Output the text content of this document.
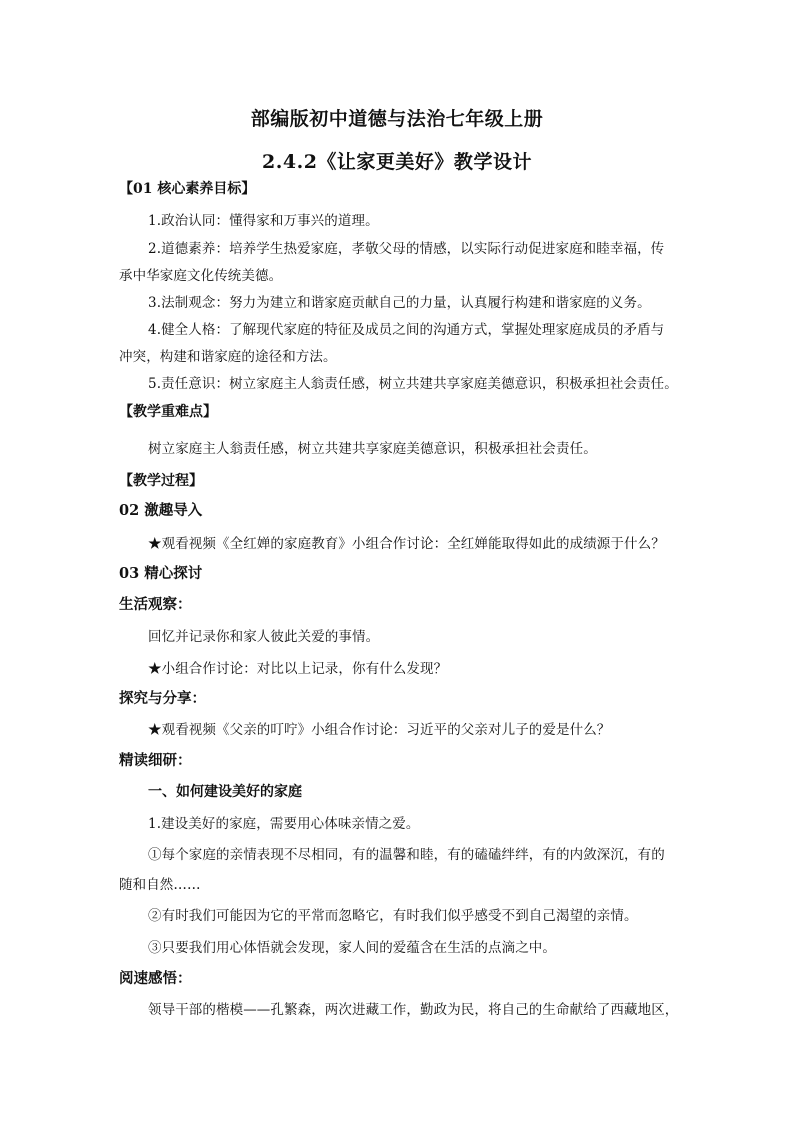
部编版初中道德与法治七年级上册
2.4.2《让家更美好》教学设计
【01 核心素养目标】
1.政治认同：懂得家和万事兴的道理。
2.道德素养：培养学生热爱家庭，孝敬父母的情感，以实际行动促进家庭和睦幸福，传
承中华家庭文化传统美德。
3.法制观念：努力为建立和谐家庭贡献自己的力量，认真履行构建和谐家庭的义务。
4.健全人格：了解现代家庭的特征及成员之间的沟通方式，掌握处理家庭成员的矛盾与
冲突，构建和谐家庭的途径和方法。
5.责任意识：树立家庭主人翁责任感，树立共建共享家庭美德意识，积极承担社会责任。
【教学重难点】
树立家庭主人翁责任感，树立共建共享家庭美德意识，积极承担社会责任。
【教学过程】
02 激趣导入
★观看视频《全红婵的家庭教育》小组合作讨论：全红婵能取得如此的成绩源于什么？
03 精心探讨
生活观察：
回忆并记录你和家人彼此关爱的事情。
★小组合作讨论：对比以上记录，你有什么发现？
探究与分享：
★观看视频《父亲的叮咛》小组合作讨论：习近平的父亲对儿子的爱是什么？
精读细研：
一、如何建设美好的家庭
1.建设美好的家庭，需要用心体味亲情之爱。
①每个家庭的亲情表现不尽相同，有的温馨和睦，有的磕磕绊绊，有的内敛深沉，有的
随和自然……
②有时我们可能因为它的平常而忽略它，有时我们似乎感受不到自己渴望的亲情。
③只要我们用心体悟就会发现，家人间的爱蕴含在生活的点滴之中。
阅速感悟：
领导干部的楷模——孔繁森，两次进藏工作，勤政为民，将自己的生命献给了西藏地区，
